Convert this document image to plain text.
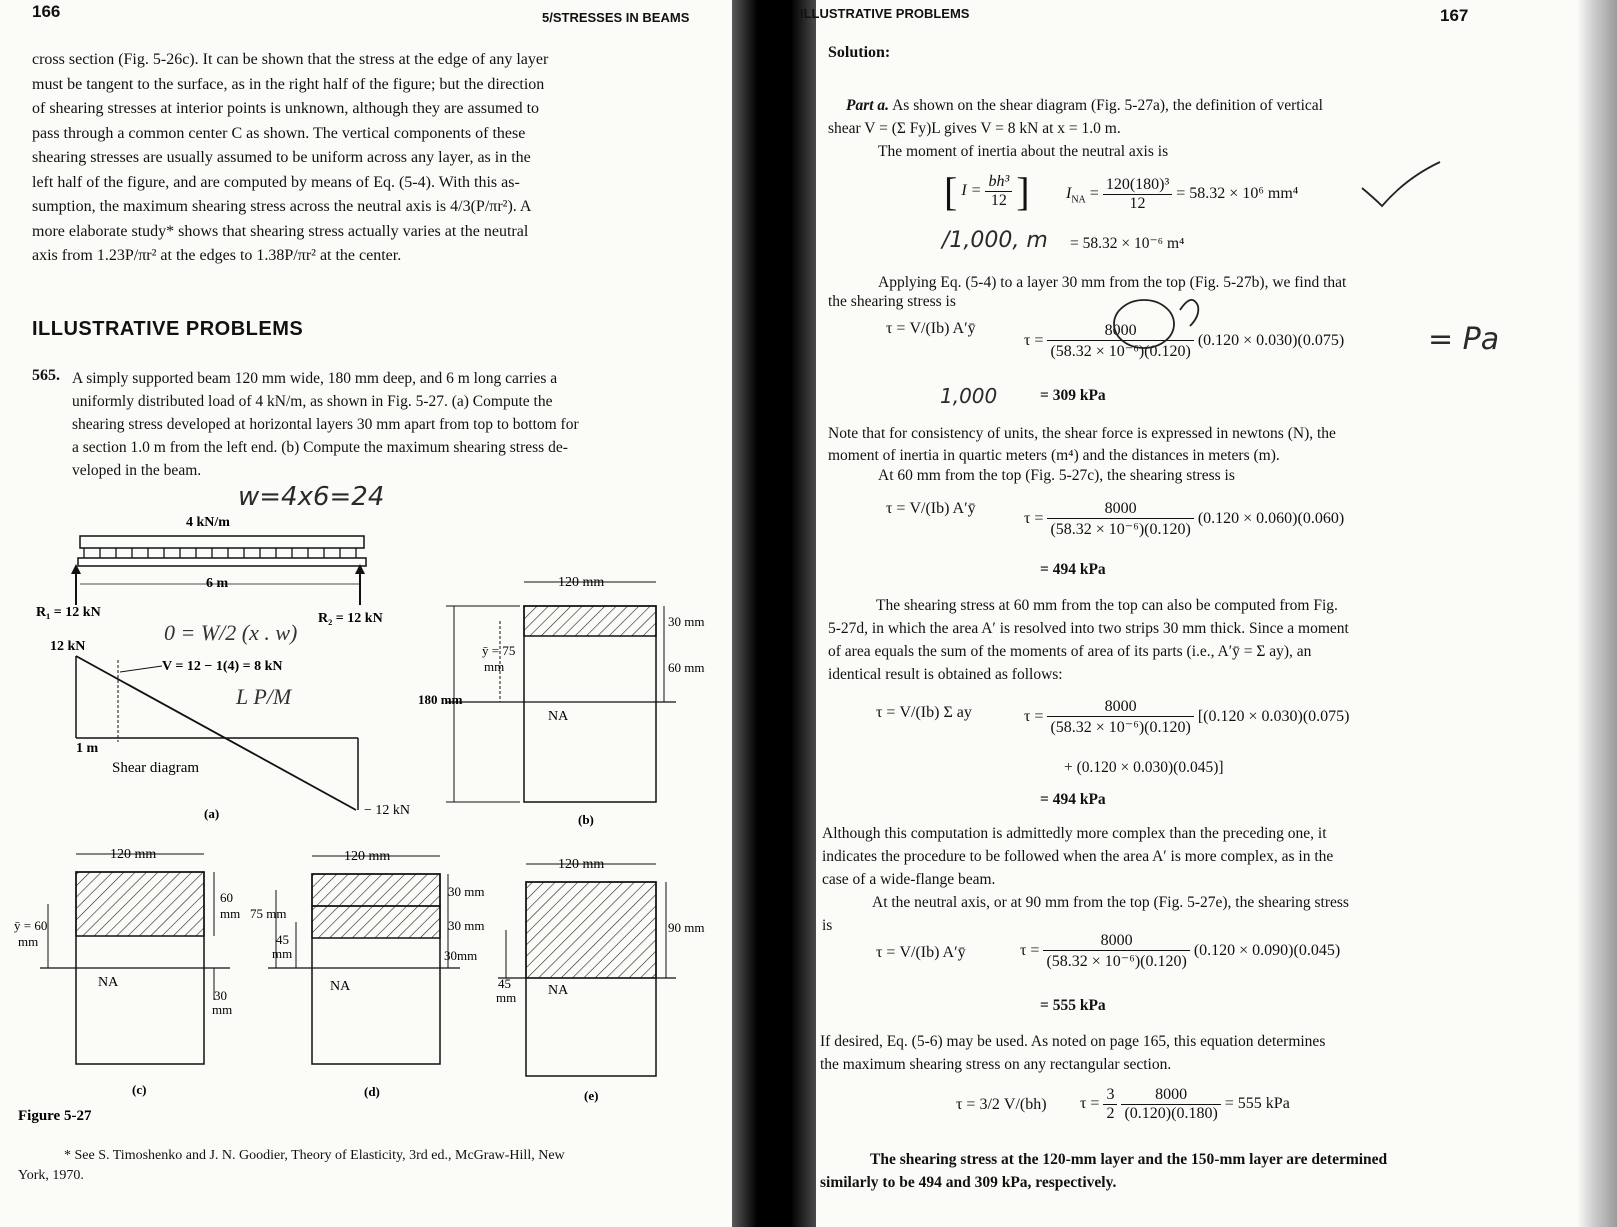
166	5/STRESSES IN BEAMS
cross section (Fig. 5-26c). It can be shown that the stress at the edge of any layer
must be tangent to the surface, as in the right half of the figure; but the direction
of shearing stresses at interior points is unknown, although they are assumed to
pass through a common center C as shown. The vertical components of these
shearing stresses are usually assumed to be uniform across any layer, as in the
left half of the figure, and are computed by means of Eq. (5-4). With this as-
sumption, the maximum shearing stress across the neutral axis is 4/3(P/πr²). A
more elaborate study* shows that shearing stress actually varies at the neutral
axis from 1.23P/πr² at the edges to 1.38P/πr² at the center.
ILLUSTRATIVE PROBLEMS
565. A simply supported beam 120 mm wide, 180 mm deep, and 6 m long carries a
uniformly distributed load of 4 kN/m, as shown in Fig. 5-27. (a) Compute the
shearing stress developed at horizontal layers 30 mm apart from top to bottom for
a section 1.0 m from the left end. (b) Compute the maximum shearing stress de-
veloped in the beam.
w=4x6=24
4 kN/m
6 m
R₁ = 12 kN	R₂ = 12 kN
0 = W/2 (x . w)
12 kN
V = 12 − 1(4) = 8 kN
L P/M
1 m
Shear diagram
− 12 kN
(a)
120 mm
30 mm
60 mm
ȳ = 75
mm
180 mm
NA
(b)
120 mm
60
mm
ȳ = 60
mm
NA
30
mm
(c)
120 mm
75 mm
45
mm
30 mm
30 mm
30mm
NA
(d)
120 mm
90 mm
45
mm NA
(e)
Figure 5-27
* See S. Timoshenko and J. N. Goodier, Theory of Elasticity, 3rd ed., McGraw-Hill, New
York, 1970.
ILLUSTRATIVE PROBLEMS	167
Solution:
Part a. As shown on the shear diagram (Fig. 5-27a), the definition of vertical
shear V = (Σ Fy)L gives V = 8 kN at x = 1.0 m.
The moment of inertia about the neutral axis is
[ $I = \frac{\text{bh³}}{12}$ ] $I_{NA} = \frac{\text{120(180)³}}{12} = 58.32 \times 10^6$ mm⁴
/1,000, m = 58.32 × 10⁻⁶ m⁴
Applying Eq. (5-4) to a layer 30 mm from the top (Fig. 5-27b), we find that
the shearing stress is
τ = V/(Ib) A′ȳ
$\tau = \frac{8000}{\text{(58.32 × 10⁻⁶)(0.120)}} (0.120 \times 0.030)(0.075)$	= Pa
1,000	= 309 kPa
Note that for consistency of units, the shear force is expressed in newtons (N), the
moment of inertia in quartic meters (m⁴) and the distances in meters (m).
At 60 mm from the top (Fig. 5-27c), the shearing stress is
τ = V/(Ib) A′ȳ
$\tau = \frac{8000}{\text{(58.32 × 10⁻⁶)(0.120)}} (0.120 \times 0.060)(0.060)$
= 494 kPa
The shearing stress at 60 mm from the top can also be computed from Fig.
5-27d, in which the area A′ is resolved into two strips 30 mm thick. Since a moment
of area equals the sum of the moments of area of its parts (i.e., A′ȳ = Σ ay), an
identical result is obtained as follows:
τ = V/(Ib) Σ ay	$\tau = \frac{8000}{\text{(58.32 × 10⁻⁶)(0.120)}} [(0.120 \times 0.030)(0.075)$
+ (0.120 × 0.030)(0.045)]
= 494 kPa
Although this computation is admittedly more complex than the preceding one, it
indicates the procedure to be followed when the area A′ is more complex, as in the
case of a wide-flange beam.
At the neutral axis, or at 90 mm from the top (Fig. 5-27e), the shearing stress
is
τ = V/(Ib) A′ȳ	$\tau = \frac{8000}{\text{(58.32 × 10⁻⁶)(0.120)}} (0.120 \times 0.090)(0.045)$
= 555 kPa
If desired, Eq. (5-6) may be used. As noted on page 165, this equation determines
the maximum shearing stress on any rectangular section.
τ = 3/2 V/(bh) $\tau = \frac{3}{2}$
$\frac{8000}{(0.120)(0.180)} = 555$ kPa
The shearing stress at the 120-mm layer and the 150-mm layer are determined
similarly to be 494 and 309 kPa, respectively.
